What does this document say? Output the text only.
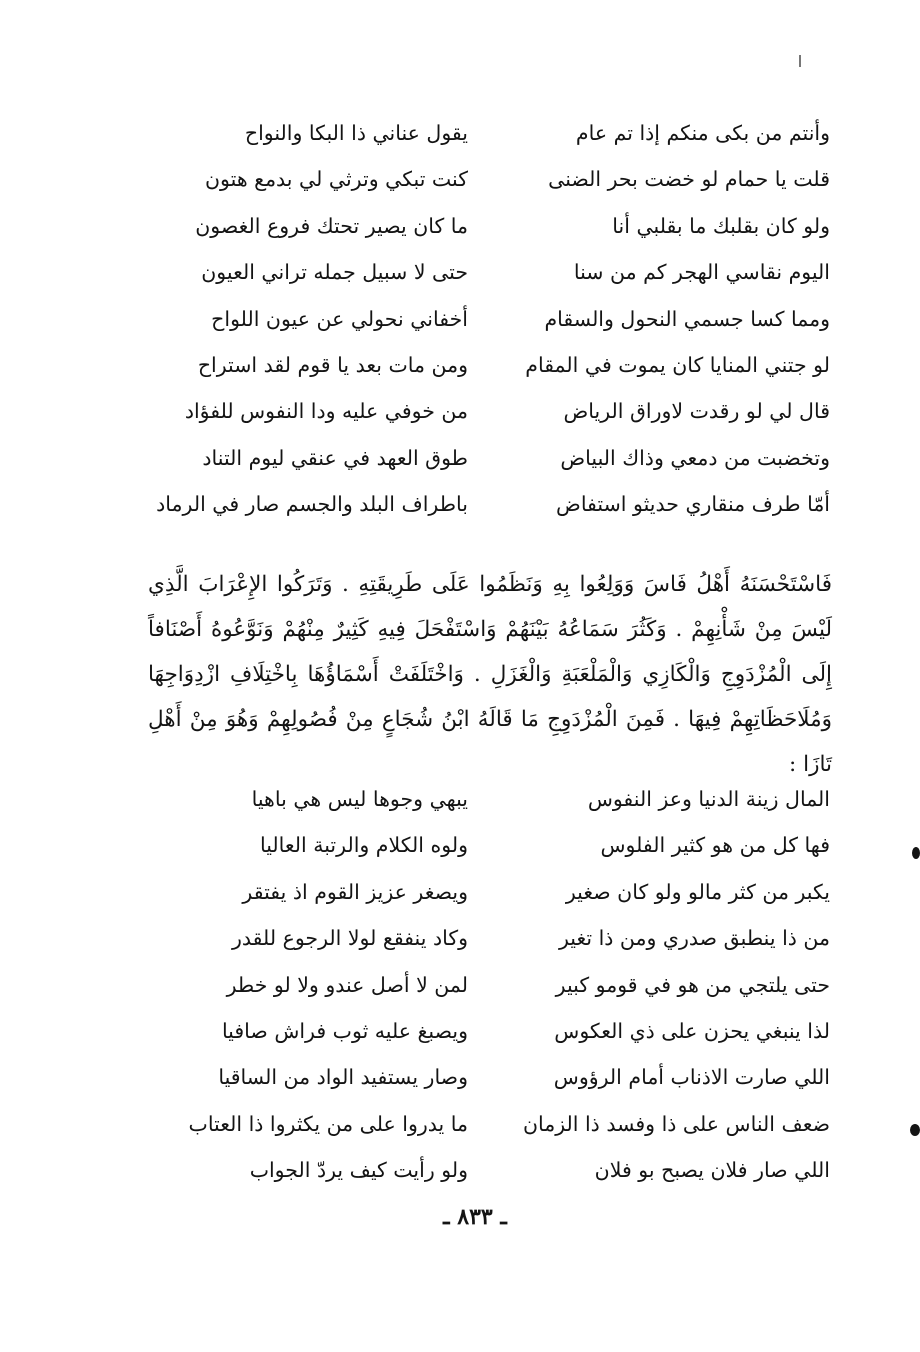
وأنتم من بكى منكم إذا تم عام
يقول عناني ذا البكا والنواح
قلت يا حمام لو خضت بحر الضنى
كنت تبكي وترثي لي بدمع هتون
ولو كان بقلبك ما بقلبي أنا
ما كان يصير تحتك فروع الغصون
اليوم نقاسي الهجر كم من سنا
حتى لا سبيل جمله تراني العيون
ومما كسا جسمي النحول والسقام
أخفاني نحولي عن عيون اللواح
لو جتني المنايا كان يموت في المقام
ومن مات بعد يا قوم لقد استراح
قال لي لو رقدت لاوراق الرياض
من خوفي عليه ودا النفوس للفؤاد
وتخضبت من دمعي وذاك البياض
طوق العهد في عنقي ليوم التناد
أمّا طرف منقاري حديثو استفاض
باطراف البلد والجسم صار في الرماد

فَاسْتَحْسَنَهُ أَهْلُ فَاسَ وَوَلِعُوا بِهِ وَنَظَمُوا عَلَى طَرِيقَتِهِ . وَتَرَكُوا الإِعْرَابَ الَّذِي لَيْسَ مِنْ شَأْنِهِمْ . وَكَثُرَ سَمَاعُهُ بَيْنَهُمْ وَاسْتَفْحَلَ فِيهِ كَثِيرٌ مِنْهُمْ وَنَوَّعُوهُ أَصْنَافاً إِلَى الْمُزْدَوِجِ وَالْكَازِي وَالْمَلْعَبَةِ وَالْغَزَلِ . وَاخْتَلَفَتْ أَسْمَاؤُهَا بِاخْتِلَافِ ازْدِوَاجِهَا وَمُلَاحَظَاتِهِمْ فِيهَا . فَمِنَ الْمُزْدَوِجِ مَا قَالَهُ ابْنُ شُجَاعٍ مِنْ فُصُولِهِمْ وَهُوَ مِنْ أَهْلِ تَازَا :

المال زينة الدنيا وعز النفوس
يبهي وجوها ليس هي باهيا
فها كل من هو كثير الفلوس
ولوه الكلام والرتبة العاليا
يكبر من كثر مالو ولو كان صغير
ويصغر عزيز القوم اذ يفتقر
من ذا ينطبق صدري ومن ذا تغير
وكاد ينفقع لولا الرجوع للقدر
حتى يلتجي من هو في قومو كبير
لمن لا أصل عندو ولا لو خطر
لذا ينبغي يحزن على ذي العكوس
ويصبغ عليه ثوب فراش صافيا
اللي صارت الاذناب أمام الرؤوس
وصار يستفيد الواد من الساقيا
ضعف الناس على ذا وفسد ذا الزمان
ما يدروا على من يكثروا ذا العتاب
اللي صار فلان يصبح بو فلان
ولو رأيت كيف يردّ الجواب
ـ ٨٣٣ ـ
